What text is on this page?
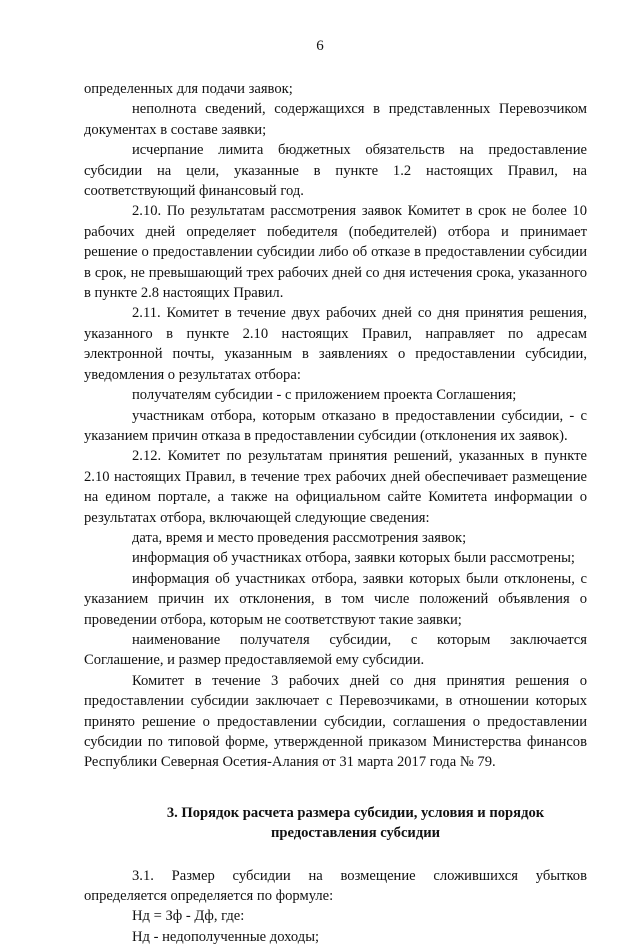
6

определенных для подачи заявок;

неполнота сведений, содержащихся в представленных Перевозчиком документах в составе заявки;

исчерпание лимита бюджетных обязательств на предоставление субсидии на цели, указанные в пункте 1.2 настоящих Правил, на соответствующий финансовый год.

2.10. По результатам рассмотрения заявок Комитет в срок не более 10 рабочих дней определяет победителя (победителей) отбора и принимает решение о предоставлении субсидии либо об отказе в предоставлении субсидии в срок, не превышающий трех рабочих дней со дня истечения срока, указанного в пункте 2.8 настоящих Правил.

2.11. Комитет в течение двух рабочих дней со дня принятия решения, указанного в пункте 2.10 настоящих Правил, направляет по адресам электронной почты, указанным в заявлениях о предоставлении субсидии, уведомления о результатах отбора:

получателям субсидии - с приложением проекта Соглашения;

участникам отбора, которым отказано в предоставлении субсидии, - с указанием причин отказа в предоставлении субсидии (отклонения их заявок).

2.12. Комитет по результатам принятия решений, указанных в пункте 2.10 настоящих Правил, в течение трех рабочих дней обеспечивает размещение на едином портале, а также на официальном сайте Комитета информации о результатах отбора, включающей следующие сведения:

дата, время и место проведения рассмотрения заявок;

информация об участниках отбора, заявки которых были рассмотрены;

информация об участниках отбора, заявки которых были отклонены, с указанием причин их отклонения, в том числе положений объявления о проведении отбора, которым не соответствуют такие заявки;

наименование получателя субсидии, с которым заключается Соглашение, и размер предоставляемой ему субсидии.

Комитет в течение 3 рабочих дней со дня принятия решения о предоставлении субсидии заключает с Перевозчиками, в отношении которых принято решение о предоставлении субсидии, соглашения о предоставлении субсидии по типовой форме, утвержденной приказом Министерства финансов Республики Северная Осетия-Алания от 31 марта 2017 года № 79.

3. Порядок расчета размера субсидии, условия и порядок
предоставления субсидии

3.1. Размер субсидии на возмещение сложившихся убытков определяется определяется по формуле:

Нд = Зф - Дф, где:

Нд - недополученные доходы;
